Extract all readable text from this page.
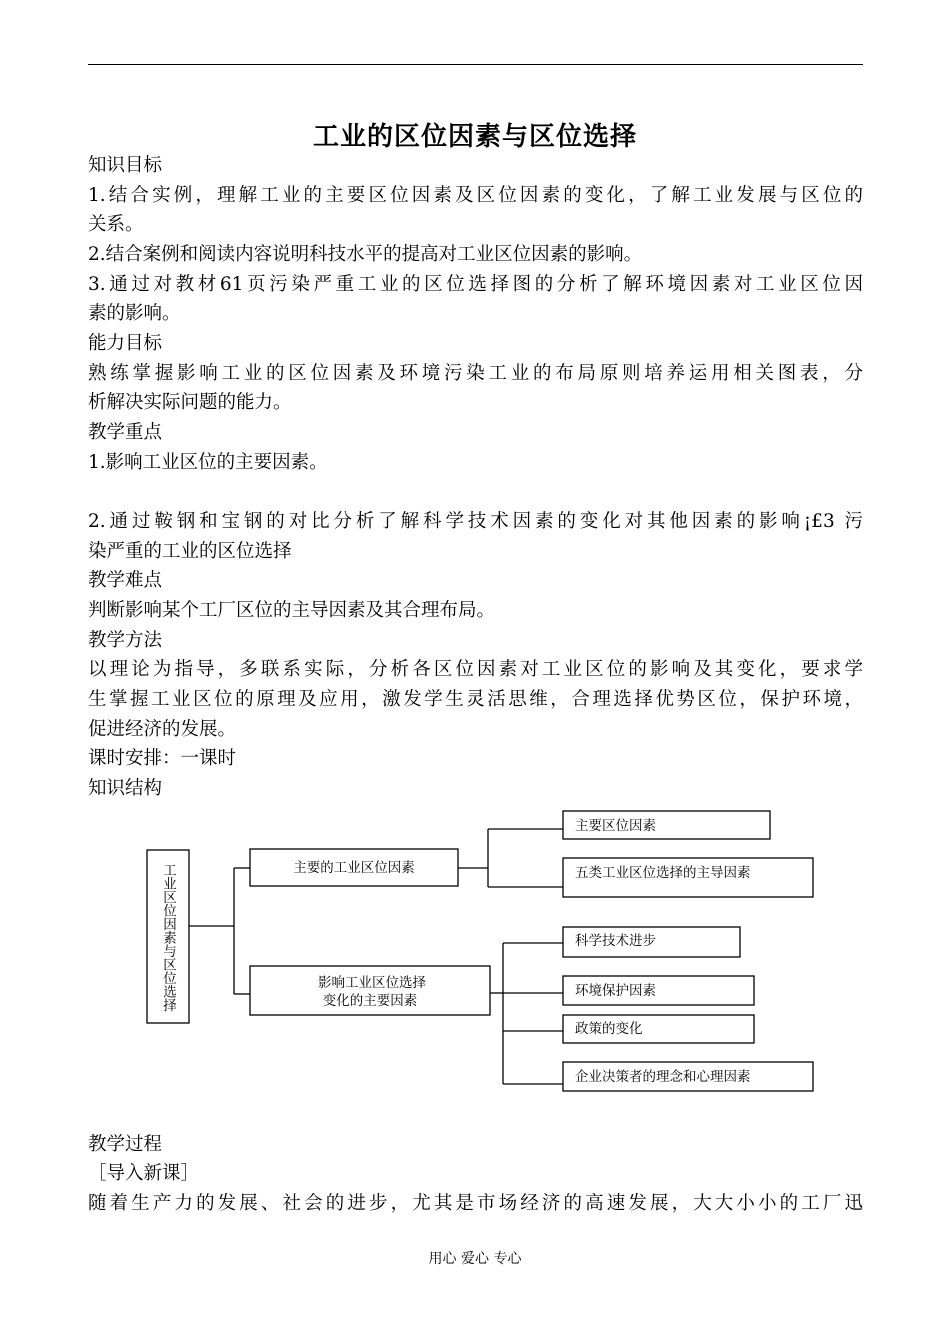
工业的区位因素与区位选择
知识目标
1.结合实例，理解工业的主要区位因素及区位因素的变化，了解工业发展与区位的
关系。
2.结合案例和阅读内容说明科技水平的提高对工业区位因素的影响。
3.通过对教材61页污染严重工业的区位选择图的分析了解环境因素对工业区位因
素的影响。
能力目标
熟练掌握影响工业的区位因素及环境污染工业的布局原则培养运用相关图表，分
析解决实际问题的能力。
教学重点
1.影响工业区位的主要因素。
2.通过鞍钢和宝钢的对比分析了解科学技术因素的变化对其他因素的影响¡£3 污
染严重的工业的区位选择
教学难点
判断影响某个工厂区位的主导因素及其合理布局。
教学方法
以理论为指导，多联系实际，分析各区位因素对工业区位的影响及其变化，要求学
生掌握工业区位的原理及应用，激发学生灵活思维，合理选择优势区位，保护环境，
促进经济的发展。
课时安排：一课时
知识结构
工业区位因素与区位选择	主要的工业区位因素
影响工业区位选择
变化的主要因素
主要区位因素
五类工业区位选择的主导因素
科学技术进步
环境保护因素
政策的变化
企业决策者的理念和心理因素
教学过程
［导入新课］
随着生产力的发展、社会的进步，尤其是市场经济的高速发展，大大小小的工厂迅
用心 爱心 专心
